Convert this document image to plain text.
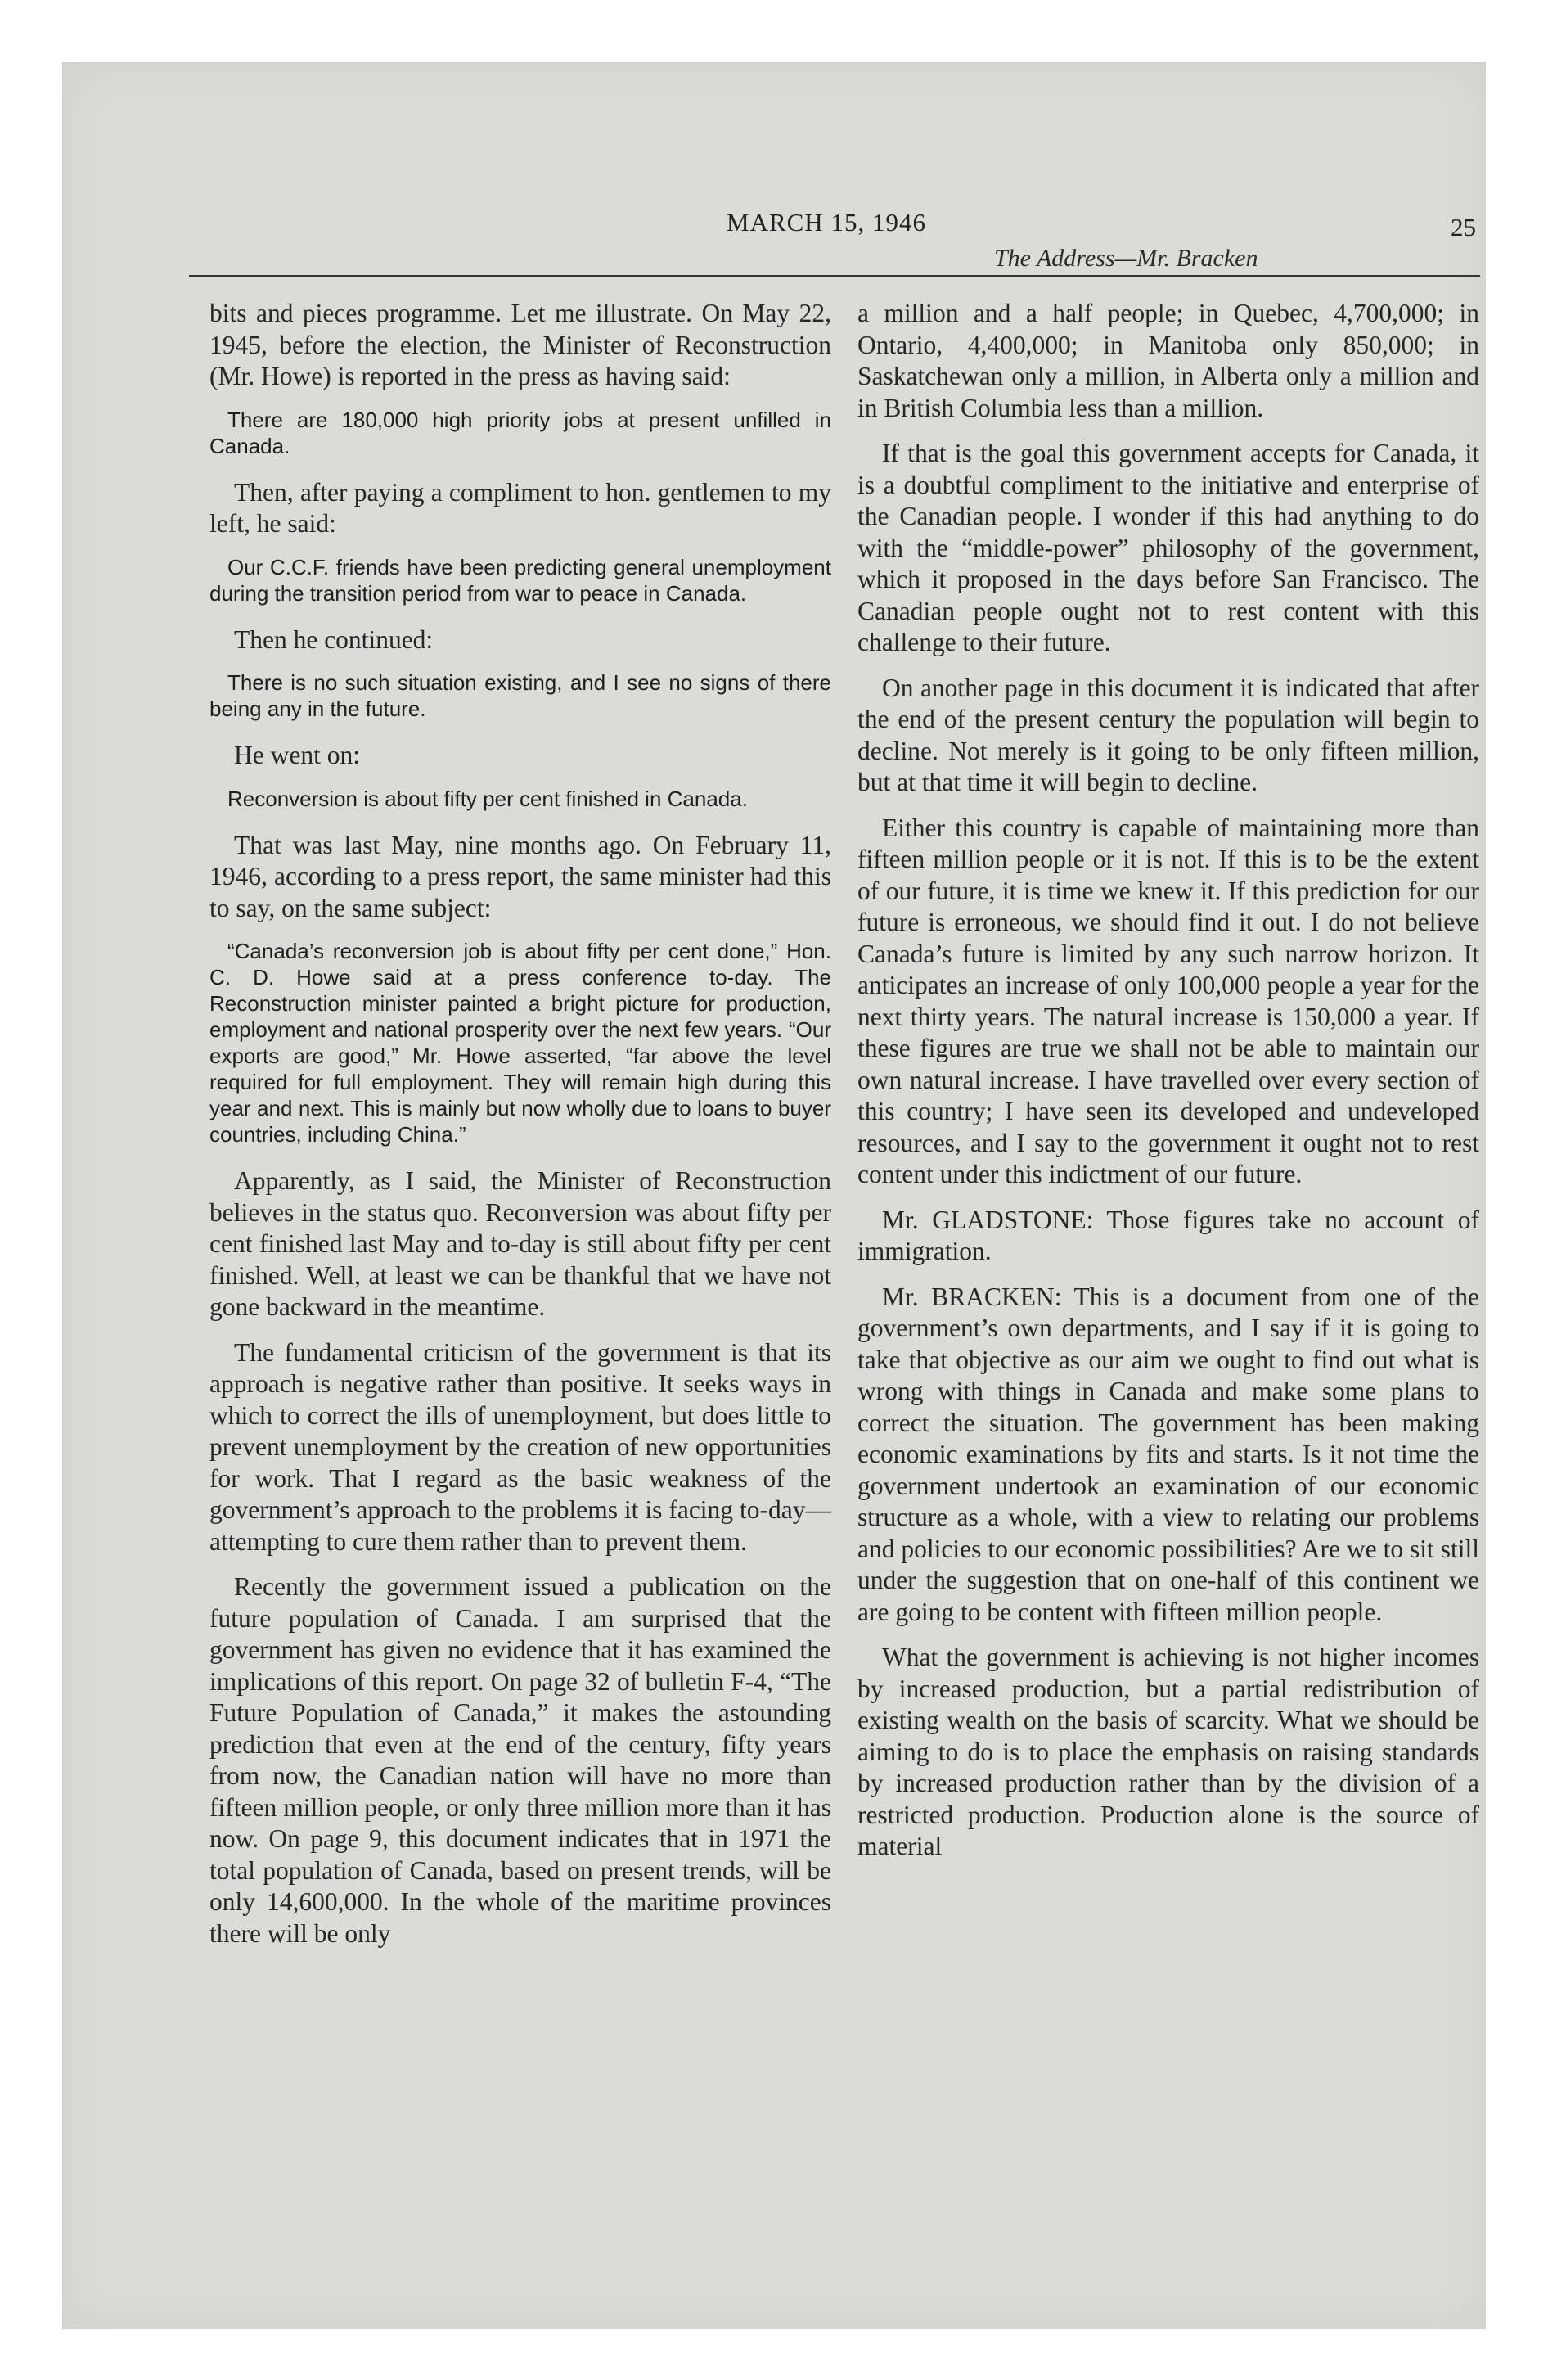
MARCH 15, 1946	25
The Address—Mr. Bracken

bits and pieces programme. Let me illustrate. On May 22, 1945, before the election, the Minister of Reconstruction (Mr. Howe) is reported in the press as having said:

There are 180,000 high priority jobs at present unfilled in Canada.

Then, after paying a compliment to hon. gentlemen to my left, he said:

Our C.C.F. friends have been predicting general unemployment during the transition period from war to peace in Canada.

Then he continued:

There is no such situation existing, and I see no signs of there being any in the future.

He went on:

Reconversion is about fifty per cent finished in Canada.

That was last May, nine months ago. On February 11, 1946, according to a press report, the same minister had this to say, on the same subject:

“Canada’s reconversion job is about fifty per cent done,” Hon. C. D. Howe said at a press conference to-day. The Reconstruction minister painted a bright picture for production, employment and national prosperity over the next few years. “Our exports are good,” Mr. Howe asserted, “far above the level required for full employment. They will remain high during this year and next. This is mainly but now wholly due to loans to buyer countries, including China.”

Apparently, as I said, the Minister of Reconstruction believes in the status quo. Reconversion was about fifty per cent finished last May and to-day is still about fifty per cent finished. Well, at least we can be thankful that we have not gone backward in the meantime.

The fundamental criticism of the government is that its approach is negative rather than positive. It seeks ways in which to correct the ills of unemployment, but does little to prevent unemployment by the creation of new opportunities for work. That I regard as the basic weakness of the government’s approach to the problems it is facing to-day—attempting to cure them rather than to prevent them.

Recently the government issued a publication on the future population of Canada. I am surprised that the government has given no evidence that it has examined the implications of this report. On page 32 of bulletin F-4, “The Future Population of Canada,” it makes the astounding prediction that even at the end of the century, fifty years from now, the Canadian nation will have no more than fifteen million people, or only three million more than it has now. On page 9, this document indicates that in 1971 the total population of Canada, based on present trends, will be only 14,600,000. In the whole of the maritime provinces there will be only

a million and a half people; in Quebec, 4,700,000; in Ontario, 4,400,000; in Manitoba only 850,000; in Saskatchewan only a million, in Alberta only a million and in British Columbia less than a million.

If that is the goal this government accepts for Canada, it is a doubtful compliment to the initiative and enterprise of the Canadian people. I wonder if this had anything to do with the “middle-power” philosophy of the government, which it proposed in the days before San Francisco. The Canadian people ought not to rest content with this challenge to their future.

On another page in this document it is indicated that after the end of the present century the population will begin to decline. Not merely is it going to be only fifteen million, but at that time it will begin to decline.

Either this country is capable of maintaining more than fifteen million people or it is not. If this is to be the extent of our future, it is time we knew it. If this prediction for our future is erroneous, we should find it out. I do not believe Canada’s future is limited by any such narrow horizon. It anticipates an increase of only 100,000 people a year for the next thirty years. The natural increase is 150,000 a year. If these figures are true we shall not be able to maintain our own natural increase. I have travelled over every section of this country; I have seen its developed and undeveloped resources, and I say to the government it ought not to rest content under this indictment of our future.

Mr. GLADSTONE: Those figures take no account of immigration.

Mr. BRACKEN: This is a document from one of the government’s own departments, and I say if it is going to take that objective as our aim we ought to find out what is wrong with things in Canada and make some plans to correct the situation. The government has been making economic examinations by fits and starts. Is it not time the government undertook an examination of our economic structure as a whole, with a view to relating our problems and policies to our economic possibilities? Are we to sit still under the suggestion that on one-half of this continent we are going to be content with fifteen million people.

What the government is achieving is not higher incomes by increased production, but a partial redistribution of existing wealth on the basis of scarcity. What we should be aiming to do is to place the emphasis on raising standards by increased production rather than by the division of a restricted production. Production alone is the source of material
